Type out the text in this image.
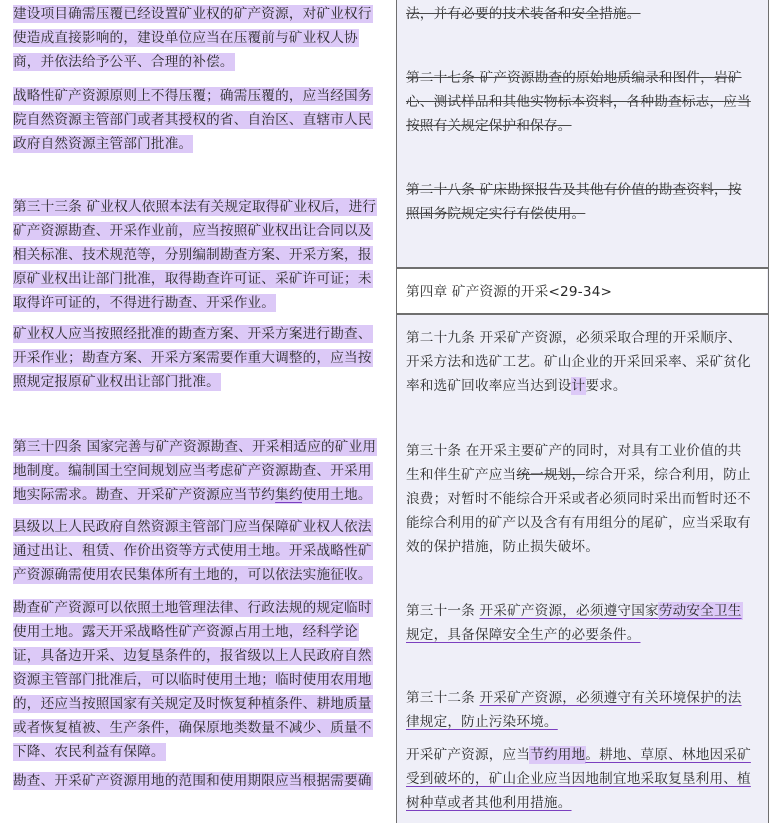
建设项目确需压覆已经设置矿业权的矿产资源，对矿业权行
使造成直接影响的，建设单位应当在压覆前与矿业权人协
商，并依法给予公平、合理的补偿。

战略性矿产资源原则上不得压覆；确需压覆的，应当经国务
院自然资源主管部门或者其授权的省、自治区、直辖市人民
政府自然资源主管部门批准。

第三十三条 矿业权人依照本法有关规定取得矿业权后，进行
矿产资源勘查、开采作业前，应当按照矿业权出让合同以及
相关标准、技术规范等，分别编制勘查方案、开采方案，报
原矿业权出让部门批准，取得勘查许可证、采矿许可证；未
取得许可证的，不得进行勘查、开采作业。

矿业权人应当按照经批准的勘查方案、开采方案进行勘查、
开采作业；勘查方案、开采方案需要作重大调整的，应当按
照规定报原矿业权出让部门批准。

第三十四条 国家完善与矿产资源勘查、开采相适应的矿业用
地制度。编制国土空间规划应当考虑矿产资源勘查、开采用
地实际需求。勘查、开采矿产资源应当节约集约使用土地。

县级以上人民政府自然资源主管部门应当保障矿业权人依法
通过出让、租赁、作价出资等方式使用土地。开采战略性矿
产资源确需使用农民集体所有土地的，可以依法实施征收。

勘查矿产资源可以依照土地管理法律、行政法规的规定临时
使用土地。露天开采战略性矿产资源占用土地，经科学论
证，具备边开采、边复垦条件的，报省级以上人民政府自然
资源主管部门批准后，可以临时使用土地；临时使用农用地
的，还应当按照国家有关规定及时恢复种植条件、耕地质量
或者恢复植被、生产条件，确保原地类数量不减少、质量不
下降、农民利益有保障。

勘查、开采矿产资源用地的范围和使用期限应当根据需要确

法，并有必要的技术装备和安全措施。

第二十七条 矿产资源勘查的原始地质编录和图件，岩矿
心、测试样品和其他实物标本资料，各种勘查标志，应当
按照有关规定保护和保存。

第二十八条 矿床勘探报告及其他有价值的勘查资料，按
照国务院规定实行有偿使用。

第四章 矿产资源的开采<29-34>

第二十九条 开采矿产资源，必须采取合理的开采顺序、
开采方法和选矿工艺。矿山企业的开采回采率、采矿贫化
率和选矿回收率应当达到设计要求。

第三十条 在开采主要矿产的同时，对具有工业价值的共
生和伴生矿产应当统一规划，综合开采，综合利用，防止
浪费；对暂时不能综合开采或者必须同时采出而暂时还不
能综合利用的矿产以及含有有用组分的尾矿，应当采取有
效的保护措施，防止损失破坏。

第三十一条 开采矿产资源，必须遵守国家劳动安全卫生
规定，具备保障安全生产的必要条件。

第三十二条 开采矿产资源，必须遵守有关环境保护的法
律规定，防止污染环境。

开采矿产资源，应当节约用地。耕地、草原、林地因采矿
受到破坏的，矿山企业应当因地制宜地采取复垦利用、植
树种草或者其他利用措施。
